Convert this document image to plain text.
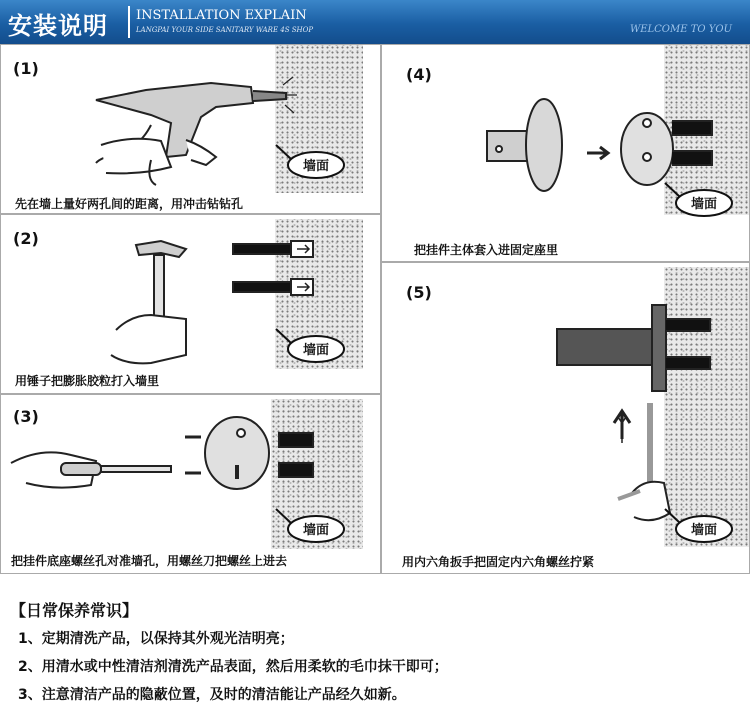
安装说明 INSTALLATION EXPLAIN
LANGPAI YOUR SIDE SANITARY WARE 4S SHOP	WELCOME TO YOU
(1)
墙面
先在墙上量好两孔间的距离，用冲击钻钻孔
(2)
墙面
用锤子把膨胀胶粒打入墙里
(3)
墙面
把挂件底座螺丝孔对准墙孔，用螺丝刀把螺丝上进去
(4)
墙面
把挂件主体套入进固定座里
(5)
墙面
用内六角扳手把固定内六角螺丝拧紧
【日常保养常识】
1、定期清洗产品，以保持其外观光洁明亮；
2、用清水或中性清洁剂清洗产品表面，然后用柔软的毛巾抹干即可；
3、注意清洁产品的隐蔽位置，及时的清洁能让产品经久如新。
